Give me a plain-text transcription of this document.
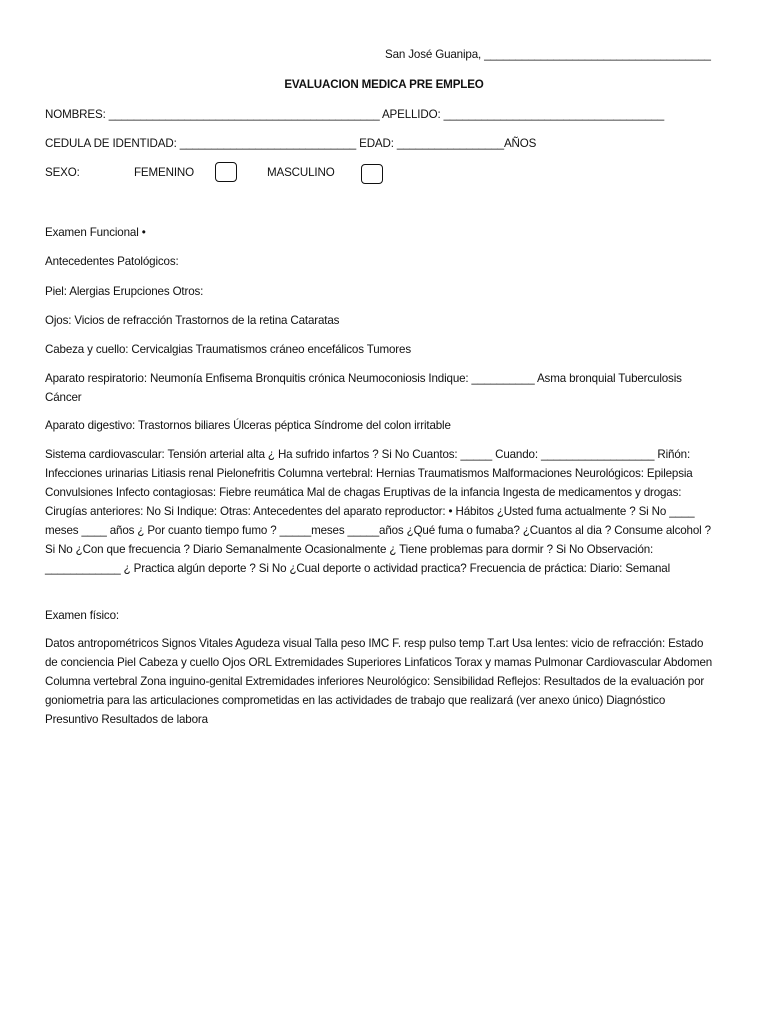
San José Guanipa, ____________________________________
EVALUACION MEDICA PRE EMPLEO
NOMBRES: ___________________________________________ APELLIDO: ___________________________________
CEDULA DE IDENTIDAD: ____________________________ EDAD: _________________AÑOS
SEXO:	FEMENINO	MASCULINO
Examen Funcional •
Antecedentes Patológicos:
Piel: Alergias Erupciones Otros:
Ojos: Vicios de refracción Trastornos de la retina Cataratas
Cabeza y cuello: Cervicalgias Traumatismos cráneo encefálicos Tumores
Aparato respiratorio: Neumonía Enfisema Bronquitis crónica Neumoconiosis Indique: __________ Asma bronquial Tuberculosis Cáncer
Aparato digestivo: Trastornos biliares Úlceras péptica Síndrome del colon irritable
Sistema cardiovascular: Tensión arterial alta ¿ Ha sufrido infartos ? Si No Cuantos: _____ Cuando: __________________ Riñón: Infecciones urinarias Litiasis renal Pielonefritis Columna vertebral: Hernias Traumatismos Malformaciones Neurológicos: Epilepsia Convulsiones Infecto contagiosas: Fiebre reumática Mal de chagas Eruptivas de la infancia Ingesta de medicamentos y drogas: Cirugías anteriores: No Si Indique: Otras: Antecedentes del aparato reproductor: • Hábitos ¿Usted fuma actualmente ? Si No ____ meses ____ años ¿ Por cuanto tiempo fumo ? _____meses _____años ¿Qué fuma o fumaba? ¿Cuantos al dia ? Consume alcohol ? Si No ¿Con que frecuencia ? Diario Semanalmente Ocasionalmente ¿ Tiene problemas para dormir ? Si No Observación: ____________ ¿ Practica algún deporte ? Si No ¿Cual deporte o actividad practica? Frecuencia de práctica: Diario: Semanal
Examen físico:
Datos antropométricos Signos Vitales Agudeza visual Talla peso IMC F. resp pulso temp T.art Usa lentes: vicio de refracción: Estado de conciencia Piel Cabeza y cuello Ojos ORL Extremidades Superiores Linfaticos Torax y mamas Pulmonar Cardiovascular Abdomen Columna vertebral Zona inguino-genital Extremidades inferiores Neurológico: Sensibilidad Reflejos: Resultados de la evaluación por goniometria para las articulaciones comprometidas en las actividades de trabajo que realizará (ver anexo único) Diagnóstico Presuntivo Resultados de labora
